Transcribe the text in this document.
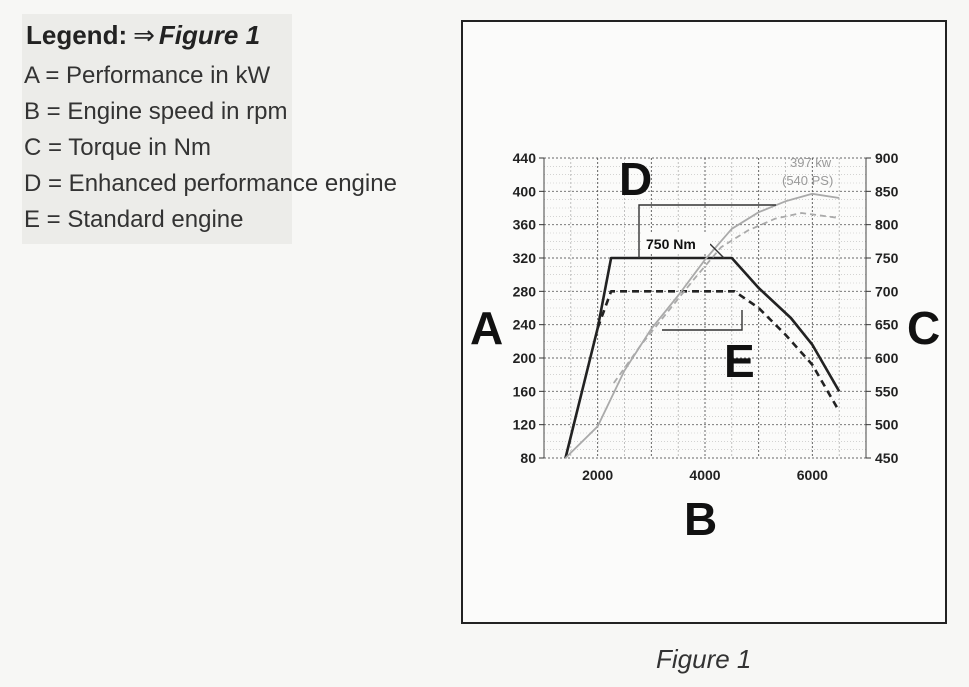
Legend: ⇒ Figure 1
A = Performance in kW
B = Engine speed in rpm
C = Torque in Nm
D = Enhanced performance engine
E = Standard engine
80
120
160
200
240
280
320
360
400
440
450
500
550
600
650
700
750
800
850
900
2000	4000	6000
A
B
C
D
E
750 Nm
397 kw
(540 PS)
Figure 1
